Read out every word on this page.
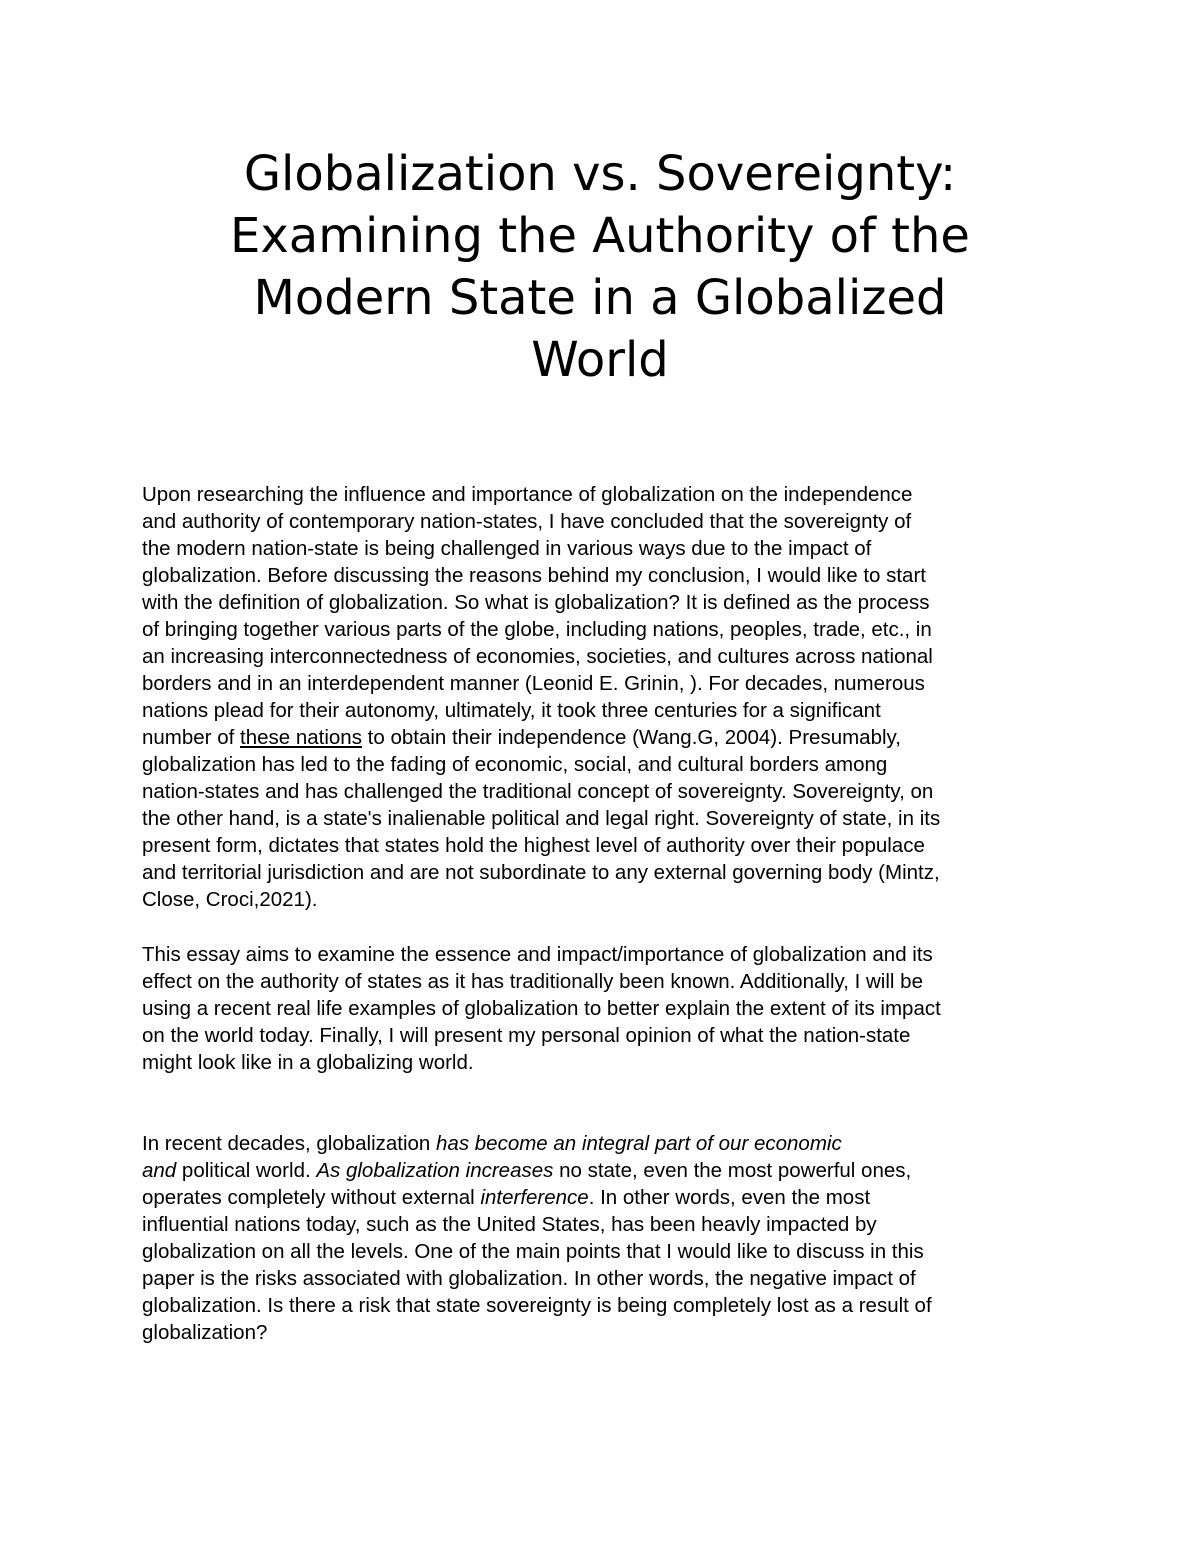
Globalization vs. Sovereignty:
Examining the Authority of the
Modern State in a Globalized
World
Upon researching the influence and importance of globalization on the independence
and authority of contemporary nation-states, I have concluded that the sovereignty of
the modern nation-state is being challenged in various ways due to the impact of
globalization. Before discussing the reasons behind my conclusion, I would like to start
with the definition of globalization. So what is globalization? It is defined as the process
of bringing together various parts of the globe, including nations, peoples, trade, etc., in
an increasing interconnectedness of economies, societies, and cultures across national
borders and in an interdependent manner (Leonid E. Grinin, ). For decades, numerous
nations plead for their autonomy, ultimately, it took three centuries for a significant
number of these nations to obtain their independence (Wang.G, 2004). Presumably,
globalization has led to the fading of economic, social, and cultural borders among
nation-states and has challenged the traditional concept of sovereignty. Sovereignty, on
the other hand, is a state's inalienable political and legal right. Sovereignty of state, in its
present form, dictates that states hold the highest level of authority over their populace
and territorial jurisdiction and are not subordinate to any external governing body (Mintz,
Close, Croci,2021).
This essay aims to examine the essence and impact/importance of globalization and its
effect on the authority of states as it has traditionally been known. Additionally, I will be
using a recent real life examples of globalization to better explain the extent of its impact
on the world today. Finally, I will present my personal opinion of what the nation-state
might look like in a globalizing world.
In recent decades, globalization has become an integral part of our economic
and political world. As globalization increases no state, even the most powerful ones,
operates completely without external interference. In other words, even the most
influential nations today, such as the United States, has been heavly impacted by
globalization on all the levels. One of the main points that I would like to discuss in this
paper is the risks associated with globalization. In other words, the negative impact of
globalization. Is there a risk that state sovereignty is being completely lost as a result of
globalization?
